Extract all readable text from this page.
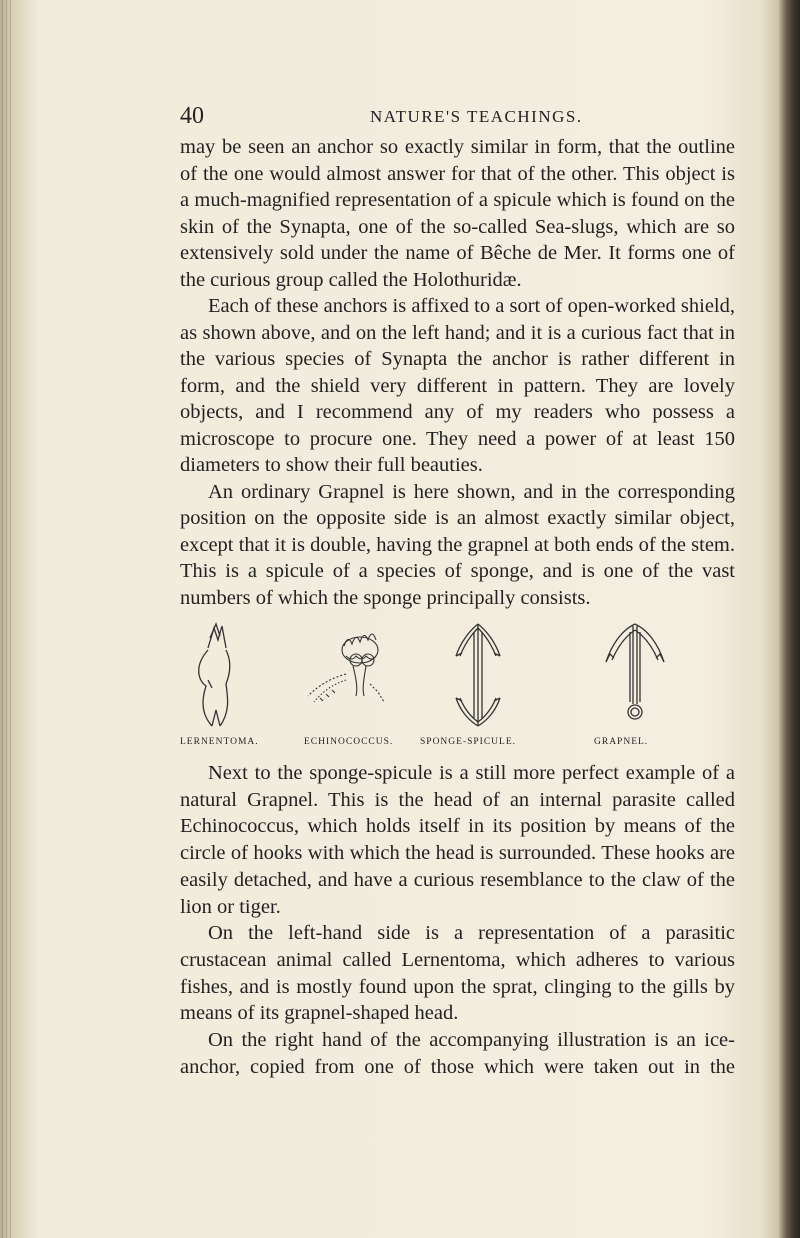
40	NATURE'S TEACHINGS.

may be seen an anchor so exactly similar in form, that the outline of the one would almost answer for that of the other. This object is a much-magnified representation of a spicule which is found on the skin of the Synapta, one of the so-called Sea-slugs, which are so extensively sold under the name of Bêche de Mer. It forms one of the curious group called the Holothuridæ.

Each of these anchors is affixed to a sort of open-worked shield, as shown above, and on the left hand; and it is a curious fact that in the various species of Synapta the anchor is rather different in form, and the shield very different in pattern. They are lovely objects, and I recommend any of my readers who possess a microscope to procure one. They need a power of at least 150 diameters to show their full beauties.

An ordinary Grapnel is here shown, and in the corresponding position on the opposite side is an almost exactly similar object, except that it is double, having the grapnel at both ends of the stem. This is a spicule of a species of sponge, and is one of the vast numbers of which the sponge principally consists.

LERNENTOMA.	ECHINOCOCCUS.	SPONGE-SPICULE.	GRAPNEL.

Next to the sponge-spicule is a still more perfect example of a natural Grapnel. This is the head of an internal parasite called Echinococcus, which holds itself in its position by means of the circle of hooks with which the head is surrounded. These hooks are easily detached, and have a curious resemblance to the claw of the lion or tiger.

On the left-hand side is a representation of a parasitic crustacean animal called Lernentoma, which adheres to various fishes, and is mostly found upon the sprat, clinging to the gills by means of its grapnel-shaped head.

On the right hand of the accompanying illustration is an ice-anchor, copied from one of those which were taken out in the
